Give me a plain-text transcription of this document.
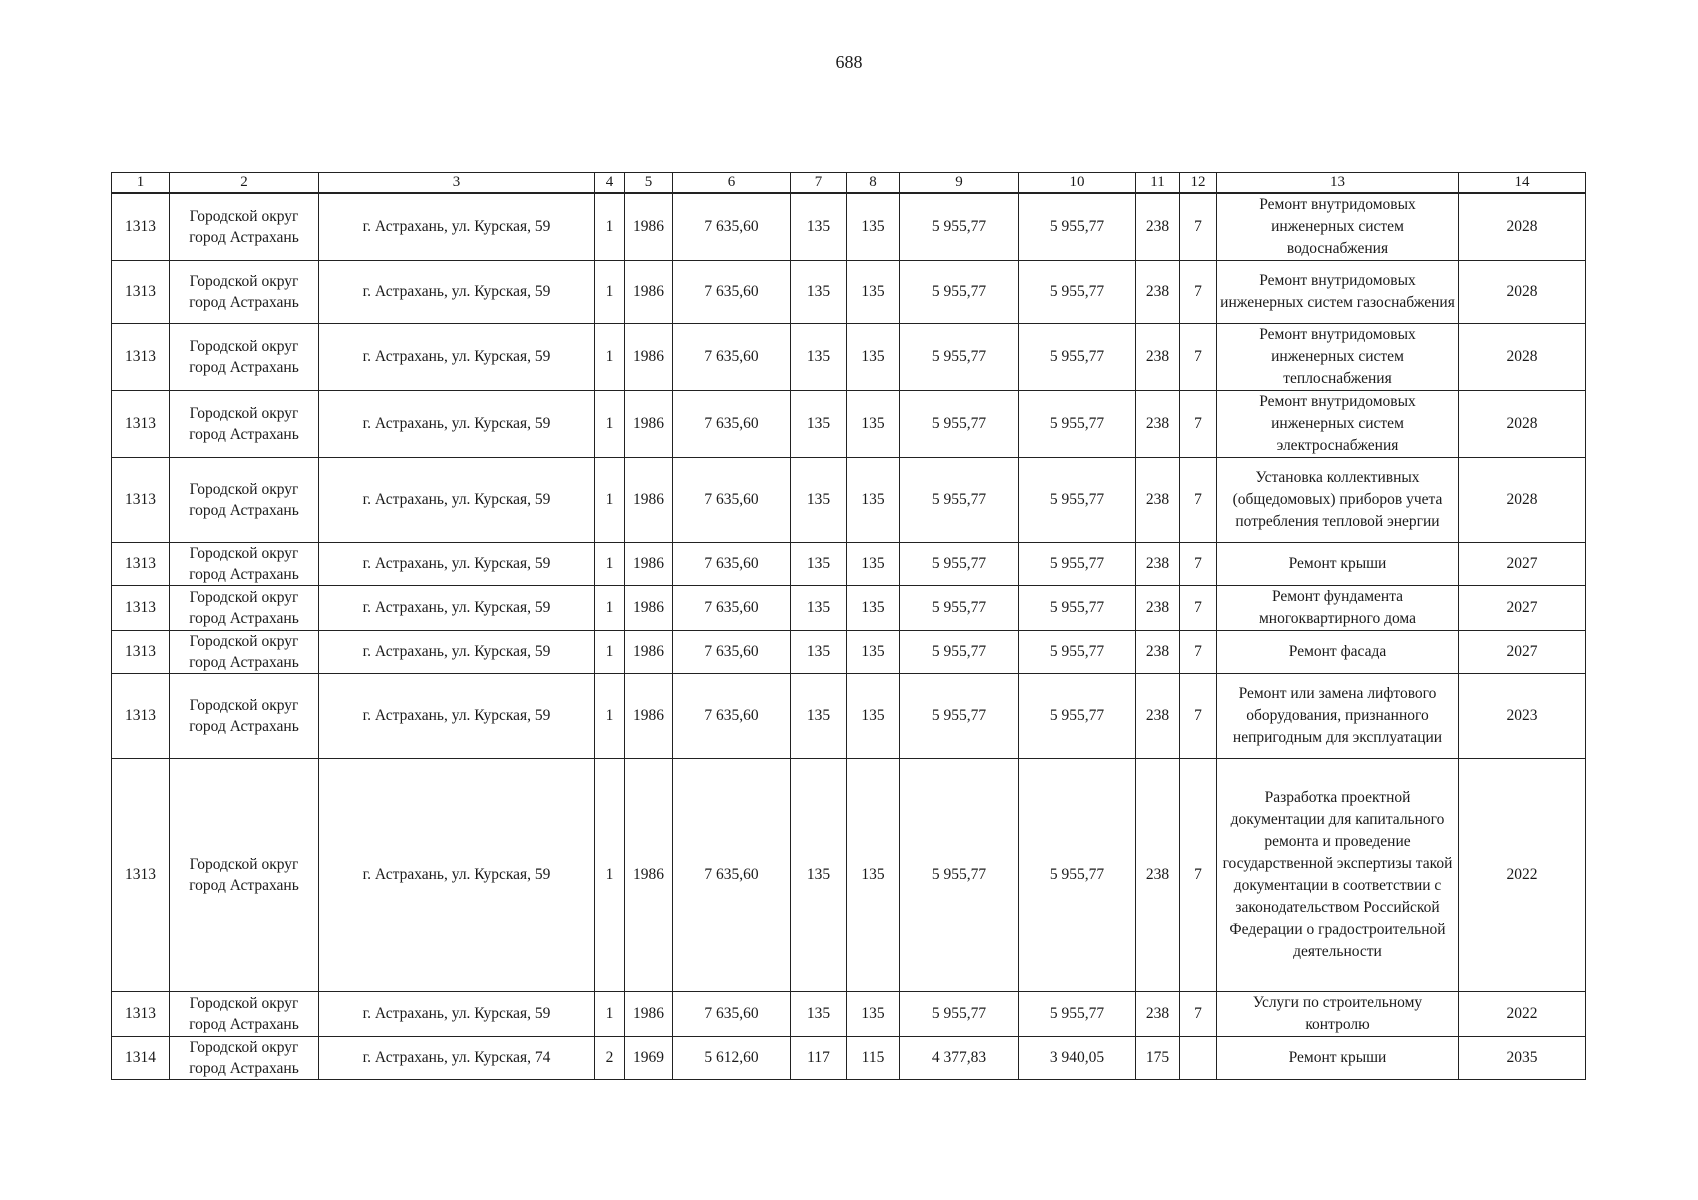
688
1	2	3	4	5	6	7	8	9	10	11	12	13	14
1313	Городской округ город Астрахань	г. Астрахань, ул. Курская, 59	1	1986	7 635,60	135	135	5 955,77	5 955,77	238	7	Ремонт внутридомовых инженерных систем водоснабжения	2028
1313	Городской округ город Астрахань	г. Астрахань, ул. Курская, 59	1	1986	7 635,60	135	135	5 955,77	5 955,77	238	7	Ремонт внутридомовых инженерных систем газоснабжения	2028
1313	Городской округ город Астрахань	г. Астрахань, ул. Курская, 59	1	1986	7 635,60	135	135	5 955,77	5 955,77	238	7	Ремонт внутридомовых инженерных систем теплоснабжения	2028
1313	Городской округ город Астрахань	г. Астрахань, ул. Курская, 59	1	1986	7 635,60	135	135	5 955,77	5 955,77	238	7	Ремонт внутридомовых инженерных систем электроснабжения	2028
1313	Городской округ город Астрахань	г. Астрахань, ул. Курская, 59	1	1986	7 635,60	135	135	5 955,77	5 955,77	238	7	Установка коллективных (общедомовых) приборов учета потребления тепловой энергии	2028
1313	Городской округ город Астрахань	г. Астрахань, ул. Курская, 59	1	1986	7 635,60	135	135	5 955,77	5 955,77	238	7	Ремонт крыши	2027
1313	Городской округ город Астрахань	г. Астрахань, ул. Курская, 59	1	1986	7 635,60	135	135	5 955,77	5 955,77	238	7	Ремонт фундамента многоквартирного дома	2027
1313	Городской округ город Астрахань	г. Астрахань, ул. Курская, 59	1	1986	7 635,60	135	135	5 955,77	5 955,77	238	7	Ремонт фасада	2027
1313	Городской округ город Астрахань	г. Астрахань, ул. Курская, 59	1	1986	7 635,60	135	135	5 955,77	5 955,77	238	7	Ремонт или замена лифтового оборудования, признанного непригодным для эксплуатации	2023
1313	Городской округ город Астрахань	г. Астрахань, ул. Курская, 59	1	1986	7 635,60	135	135	5 955,77	5 955,77	238	7	Разработка проектной документации для капитального ремонта и проведение государственной экспертизы такой документации в соответствии с законодательством Российской Федерации о градостроительной деятельности	2022
1313	Городской округ город Астрахань	г. Астрахань, ул. Курская, 59	1	1986	7 635,60	135	135	5 955,77	5 955,77	238	7	Услуги по строительному контролю	2022
1314	Городской округ город Астрахань	г. Астрахань, ул. Курская, 74	2	1969	5 612,60	117	115	4 377,83	3 940,05	175		Ремонт крыши	2035
